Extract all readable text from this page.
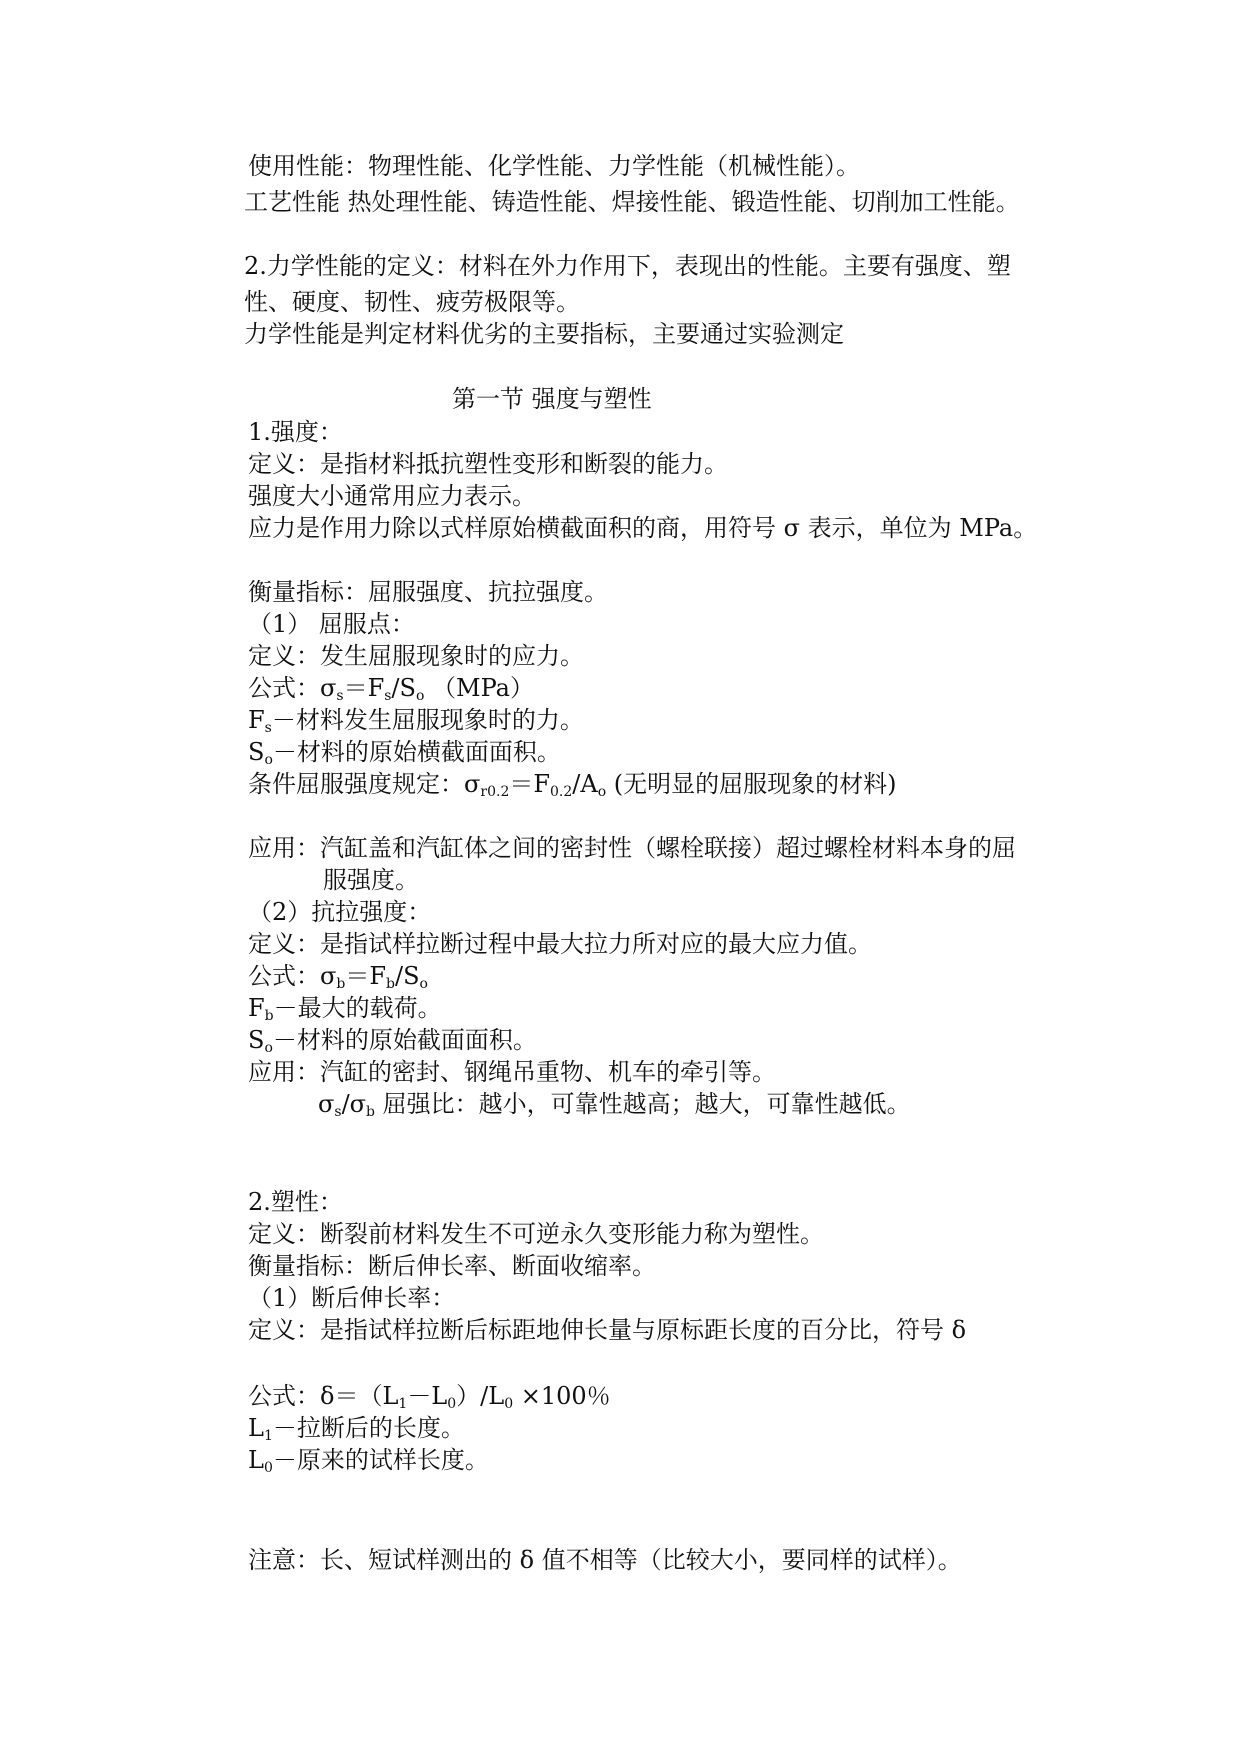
使用性能：物理性能、化学性能、力学性能（机械性能）。

工艺性能 热处理性能、铸造性能、焊接性能、锻造性能、切削加工性能。

2.力学性能的定义：材料在外力作用下，表现出的性能。主要有强度、塑

性、硬度、韧性、疲劳极限等。

力学性能是判定材料优劣的主要指标，主要通过实验测定

第一节 强度与塑性

1.强度：

定义：是指材料抵抗塑性变形和断裂的能力。

强度大小通常用应力表示。

应力是作用力除以式样原始横截面积的商，用符号 σ 表示，单位为 MPa。

衡量指标：屈服强度、抗拉强度。

（1） 屈服点：

定义：发生屈服现象时的应力。

公式：$\sigma_s=F_s/S_o$ （MPa）

$F_s-$材料发生屈服现象时的力。

$S_o-$材料的原始横截面面积。

条件屈服强度规定：$\sigma_{r0.2}=F_{0.2}/A_o$ (无明显的屈服现象的材料)

应用：汽缸盖和汽缸体之间的密封性（螺栓联接）超过螺栓材料本身的屈

服强度。

（2）抗拉强度：

定义：是指试样拉断过程中最大拉力所对应的最大应力值。

公式：$\sigma_b=F_b/S_o$

$F_b-$最大的载荷。

$S_o-$材料的原始截面面积。

应用：汽缸的密封、钢绳吊重物、机车的牵引等。

$\sigma_s/\sigma_b$ 屈强比：越小，可靠性越高；越大，可靠性越低。

2.塑性：

定义：断裂前材料发生不可逆永久变形能力称为塑性。

衡量指标：断后伸长率、断面收缩率。

（1）断后伸长率：

定义：是指试样拉断后标距地伸长量与原标距长度的百分比，符号 δ

公式：$\delta=(L_1-L_0)/L_0 \times 100$％

$L_1-$拉断后的长度。

$L_0-$原来的试样长度。

注意：长、短试样测出的 δ 值不相等（比较大小，要同样的试样）。
